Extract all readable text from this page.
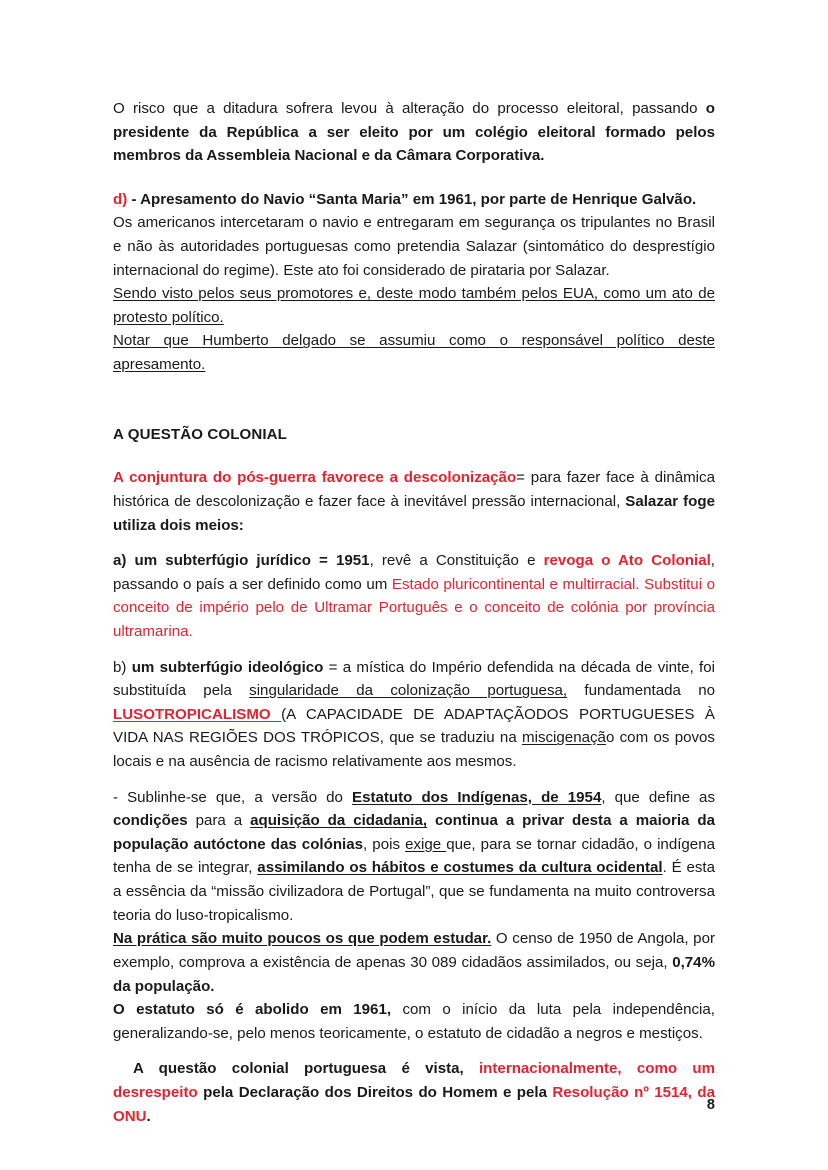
O risco que a ditadura sofrera levou à alteração do processo eleitoral, passando o presidente da República a ser eleito por um colégio eleitoral formado pelos membros da Assembleia Nacional e da Câmara Corporativa.

d) - Apresamento do Navio “Santa Maria” em 1961, por parte de Henrique Galvão.

Os americanos intercetaram o navio e entregaram em segurança os tripulantes no Brasil e não às autoridades portuguesas como pretendia Salazar (sintomático do desprestígio internacional do regime). Este ato foi considerado de pirataria por Salazar.

Sendo visto pelos seus promotores e, deste modo também pelos EUA, como um ato de protesto político.

Notar que Humberto delgado se assumiu como o responsável político deste apresamento.

A QUESTÃO COLONIAL

A conjuntura do pós-guerra favorece a descolonização= para fazer face à dinâmica histórica de descolonização e fazer face à inevitável pressão internacional, Salazar foge utiliza dois meios:

a) um subterfúgio jurídico = 1951, revê a Constituição e revoga o Ato Colonial, passando o país a ser definido como um Estado pluricontinental e multirracial. Substitui o conceito de império pelo de Ultramar Português e o conceito de colónia por província ultramarina.

b) um subterfúgio ideológico = a mística do Império defendida na década de vinte, foi substituída pela singularidade da colonização portuguesa, fundamentada no LUSOTROPICALISMO (A CAPACIDADE DE ADAPTAÇÃODOS PORTUGUESES À VIDA NAS REGIÕES DOS TRÓPICOS, que se traduziu na miscigenação com os povos locais e na ausência de racismo relativamente aos mesmos.

- Sublinhe-se que, a versão do Estatuto dos Indígenas, de 1954, que define as condições para a aquisição da cidadania, continua a privar desta a maioria da população autóctone das colónias, pois exige que, para se tornar cidadão, o indígena tenha de se integrar, assimilando os hábitos e costumes da cultura ocidental. É esta a essência da “missão civilizadora de Portugal”, que se fundamenta na muito controversa teoria do luso-tropicalismo.

Na prática são muito poucos os que podem estudar. O censo de 1950 de Angola, por exemplo, comprova a existência de apenas 30 089 cidadãos assimilados, ou seja, 0,74% da população.

O estatuto só é abolido em 1961, com o início da luta pela independência, generalizando-se, pelo menos teoricamente, o estatuto de cidadão a negros e mestiços.

A questão colonial portuguesa é vista, internacionalmente, como um desrespeito pela Declaração dos Direitos do Homem e pela Resolução nº 1514, da ONU.

8
